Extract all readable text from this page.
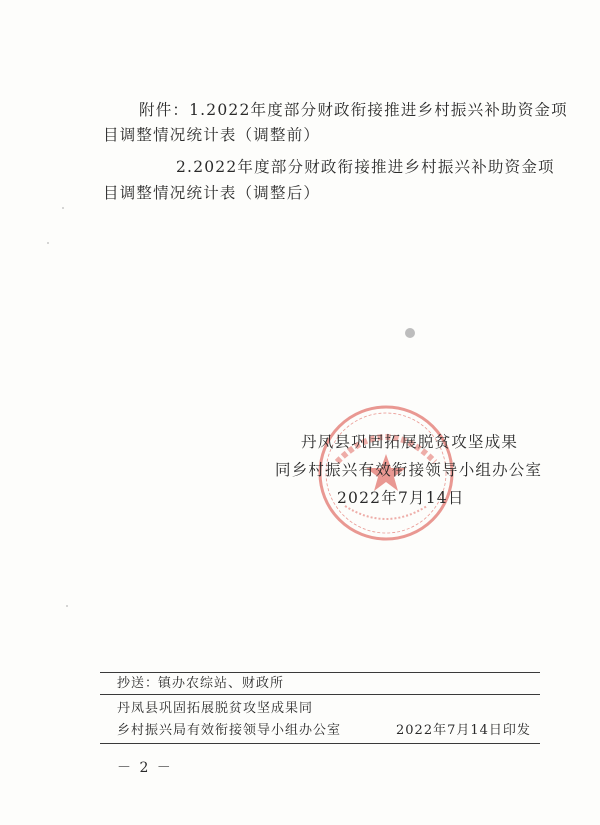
附件：1.2022年度部分财政衔接推进乡村振兴补助资金项
目调整情况统计表（调整前）
2.2022年度部分财政衔接推进乡村振兴补助资金项
目调整情况统计表（调整后）
丹凤县巩固拓展脱贫攻坚成果
同乡村振兴有效衔接领导小组办公室
2022年7月14日
抄送：
镇办农综站、财政所
丹凤县巩固拓展脱贫攻坚成果同
乡村振兴局有效衔接领导小组办公室	2022年7月14日印发
－ 2 －
